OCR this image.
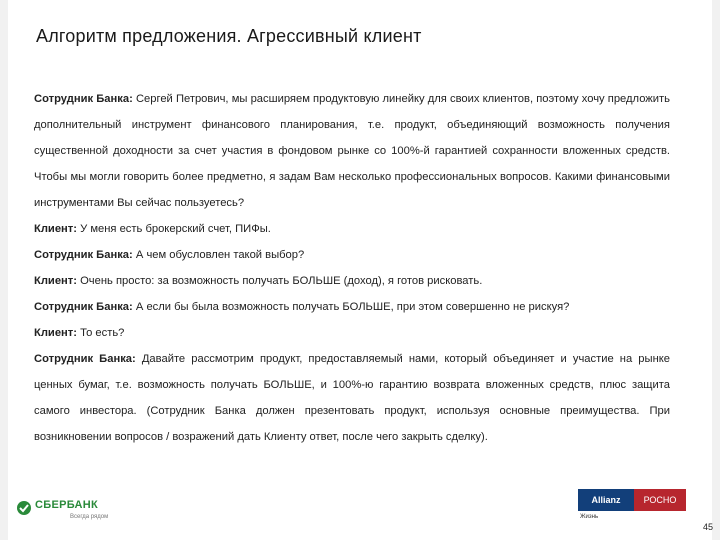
Алгоритм предложения. Агрессивный клиент

Сотрудник Банка: Сергей Петрович, мы расширяем продуктовую линейку для своих клиентов, поэтому хочу предложить дополнительный инструмент финансового планирования, т.е. продукт, объединяющий возможность получения существенной доходности за счет участия в фондовом рынке со 100%-й гарантией сохранности вложенных средств. Чтобы мы могли говорить более предметно, я задам Вам несколько профессиональных вопросов. Какими финансовыми инструментами Вы сейчас пользуетесь?

Клиент: У меня есть брокерский счет, ПИФы.

Сотрудник Банка: А чем обусловлен такой выбор?

Клиент: Очень просто: за возможность получать БОЛЬШЕ (доход), я готов рисковать.

Сотрудник Банка: А если бы была возможность получать БОЛЬШЕ, при этом совершенно не рискуя?

Клиент: То есть?

Сотрудник Банка: Давайте рассмотрим продукт, предоставляемый нами, который объединяет и участие на рынке ценных бумаг, т.е. возможность получать БОЛЬШЕ, и 100%-ю гарантию возврата вложенных средств, плюс защита самого инвестора. (Сотрудник Банка должен презентовать продукт, используя основные преимущества. При возникновении вопросов / возражений дать Клиенту ответ, после чего закрыть сделку).

СБЕРБАНК
Всегда рядом
Allianz	РОСНО
Жизнь
45
